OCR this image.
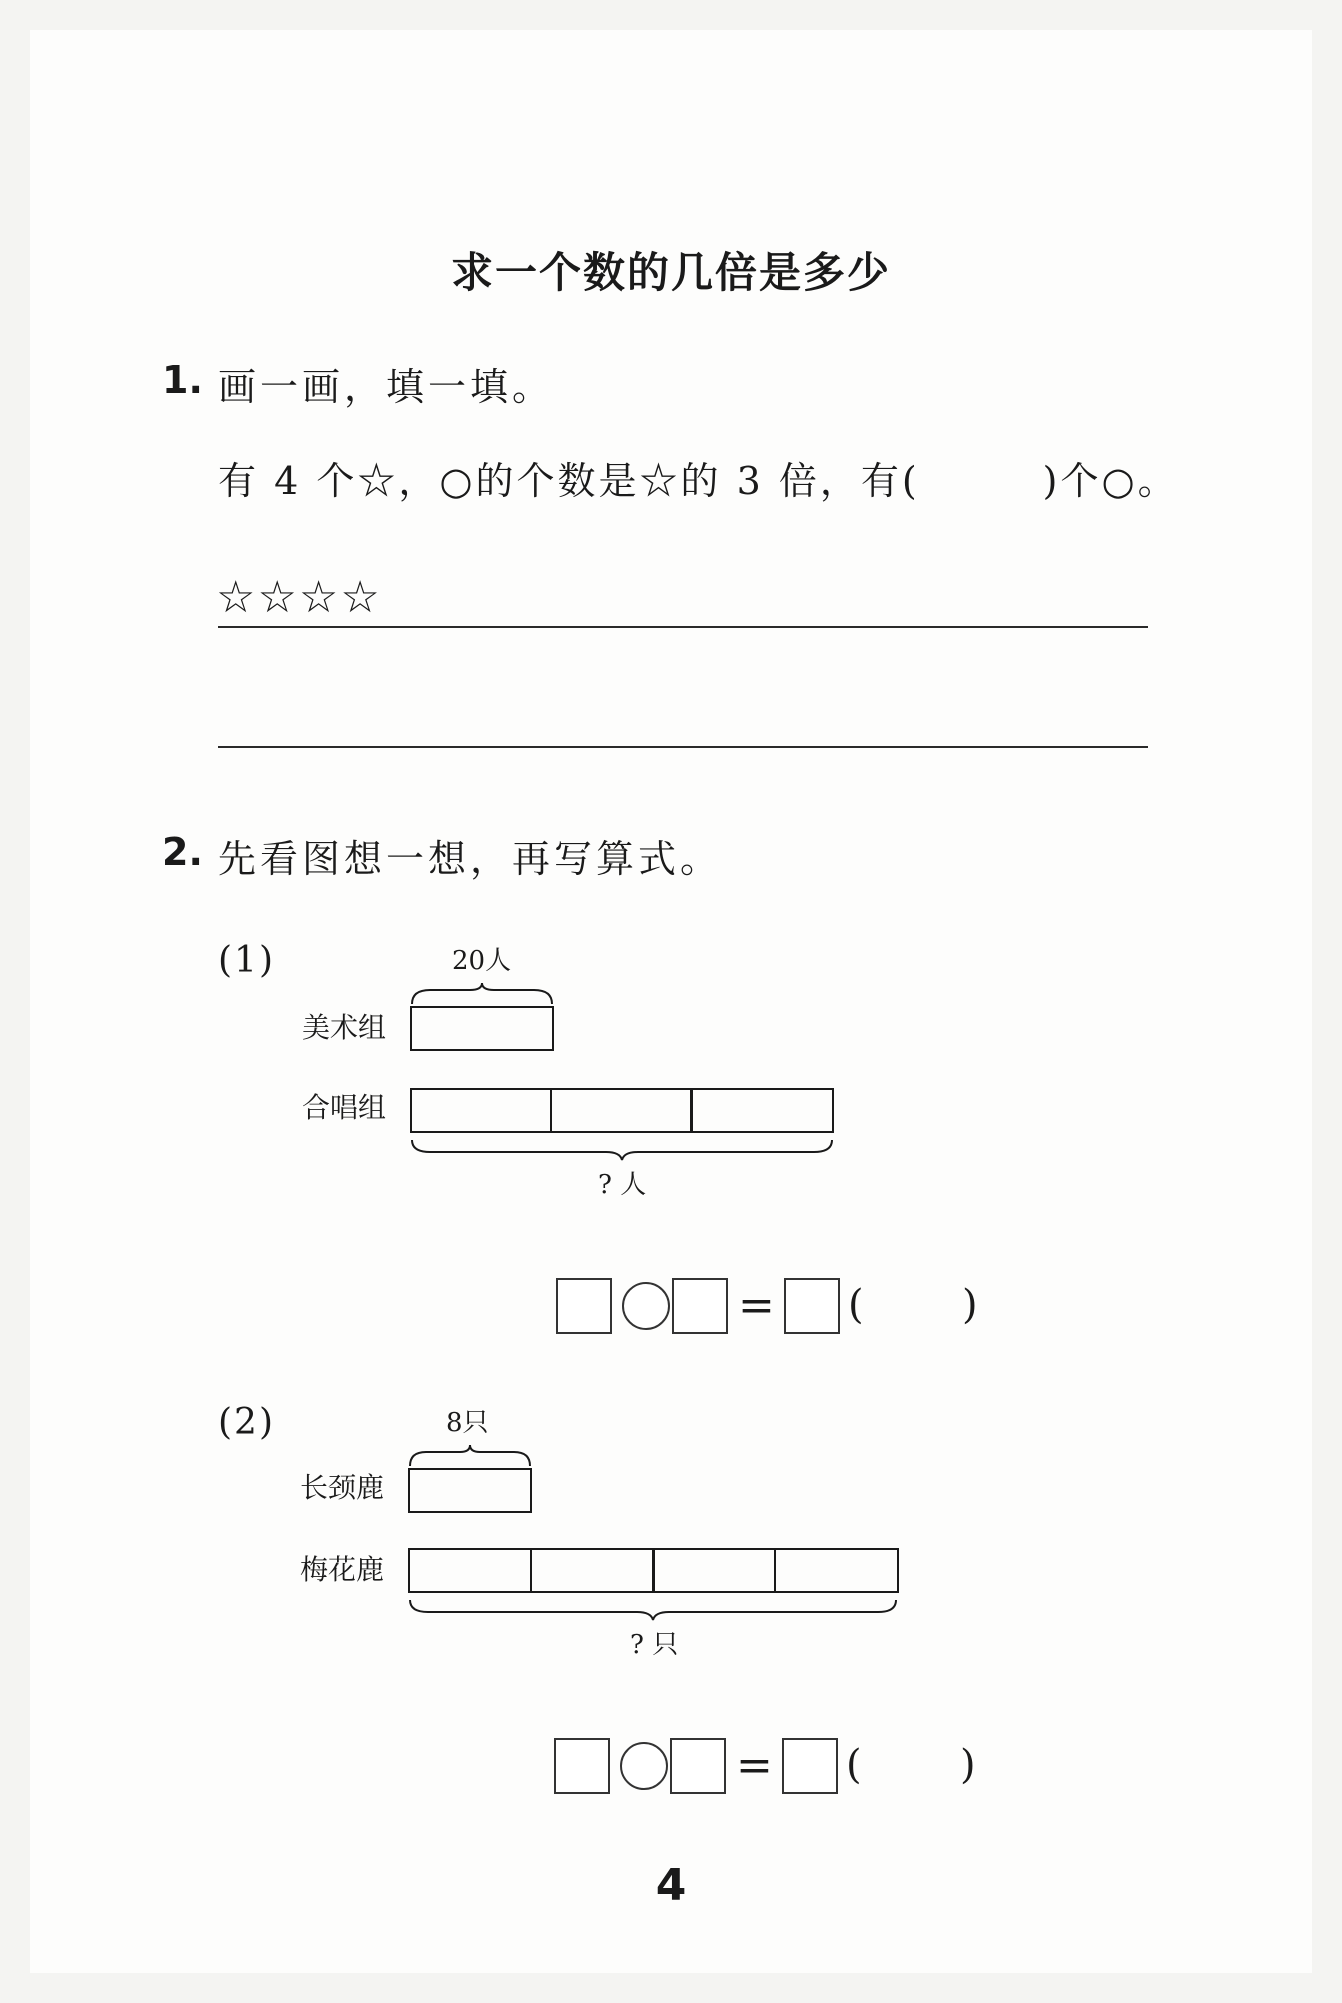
求一个数的几倍是多少
1. 画一画，填一填。
有 4 个☆，○的个数是☆的 3 倍，有(　　　)个○。
☆☆☆☆
2. 先看图想一想，再写算式。
(1)	20人
美术组
合唱组
? 人
= ( )
(2)	8只
长颈鹿
梅花鹿
? 只
= ( )
4
